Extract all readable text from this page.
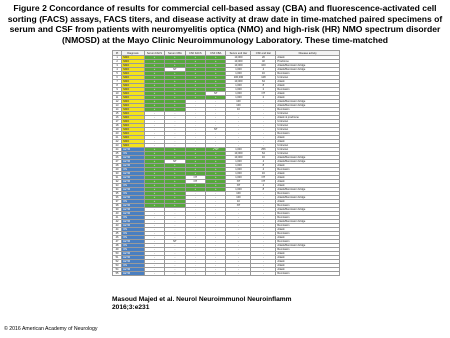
Figure 2 Concordance of results for commercial cell-based assay (CBA) and fluorescence-activated cell sorting (FACS) assays, FACS titers, and disease activity at draw date in time-matched paired specimens of serum and CSF from patients with neuromyelitis optica (NMO) and high-risk (HR) NMO spectrum disorder (NMOSD) at the Mayo Clinic Neuroimmunology Laboratory. These time-matched
Pt	Diagnosis	Serum FACS	Serum CBA	CSF FACS	CSF CBA	Serum end titer	CSF end titer	Disease activity
1	NMO	+	+	+	+	10,000	20	Attack
2	NMO	+	+	+	+	10,000	32	Prodrome
3	NMO	+	+	+	+	10,000	100	Attack/Remission bridge
4	NMO	+	NT	+	+	1,000	4	Attack/Remission bridge
5	NMO	+	+	+	+	1,000	16	Remission
6	NMO	+	+	+	+	100,000	128	Unknown
7	NMO	+	+	+	+	10,000	64	Attack
8	NMO	+	+	+	+	1,000	8	Attack
9	NMO	+	+	+	+	1,000	2	Remission
10	NMO	+	+	+	NT	1,000	NT	Attack
11	NMO	+	+	+	+	1,000	2	Attack
12	NMO	+	+	-	-	100	-	Attack/Remission bridge
13	NMO	+	+	-	-	100	-	Attack/Remission bridge
14	NMO	+	+	-	-	10	-	Remission
15	NMO	-	-	-	-	-	-	Unknown
16	NMO	-	-	-	-	-	-	Attack & prodrome
17	NMO	-	-	-	-	-	-	Unknown
18	NMO	-	-	-	-	-	-	Unknown
19	NMO	-	-	-	NT	-	-	Unknown
20	NMO	-	-	-	-	-	-	Remission
21	NMO	-	-	-	-	-	-	Attack
22	NMO	-	-	-	-	-	-	Attack
23	NMO	-	-	-	-	-	-	Unknown
24	LETM	+	+	+	+*NT	1,000	256	Unknown
25	ON	+	+	+	+	10,000	64	Unknown
26	LETM	+	+	+	+	10,000	16	Attack/Remission bridge
27	LETM	+	NT	+	+	1,000	4	Attack/Remission bridge
28	LETM	+	+	+	+	1,000	8	Attack
29	ON	+	+	+	+	1,000	4	Remission
30	LETM	+	+	+	+	1,000	16	Attack
31	LETM	+	+	NT	+	1,000	NT	Attack
32	LETM	+	+	NT	+	NT	NT	Attack
33	ON	+	+	+	+	NT	4	Attack
34	LETM	+	+	+	+	1,000	8	Attack/Remission bridge
35	ON	+	+	-	-	100	-	Remission
36	LETM	+	+	-	-	100	-	Attack/Remission bridge
37	ON	+	+	-	-	10	-	Attack
38	LETM	+	+	-	-	NT	-	Remission
39	LETM	-	-	-	-	-	-	Attack/Remission bridge
40	LETM	-	-	-	-	-	-	Remission
41	ON	-	-	-	-	-	-	Remission
42	LETM	-	-	-	-	-	-	Attack/Remission bridge
43	LETM	-	-	-	-	-	-	Remission
44	ON	-	-	-	-	-	-	Attack
45	ON	-	-	-	-	-	-	Remission
46	ON	-	-	-	-	-	-	Attack
47	LETM	-	NT	-	-	-	-	Remission
48	ON	-	-	-	-	-	-	Attack/Remission bridge
49	ON	-	-	-	-	-	-	Remission
50	LETM	-	-	-	-	-	-	Attack
51	LETM	-	-	-	-	-	-	Attack
52	LETM	-	-	-	-	-	-	Attack
53	ON	-	-	-	-	-	-	Attack
54	LETM	-	-	-	-	-	-	Attack
55	LETM	-	-	-	-	-	-	Remission
Masoud Majed et al. Neurol Neuroimmunol Neuroinflamm
2016;3:e231
© 2016 American Academy of Neurology
